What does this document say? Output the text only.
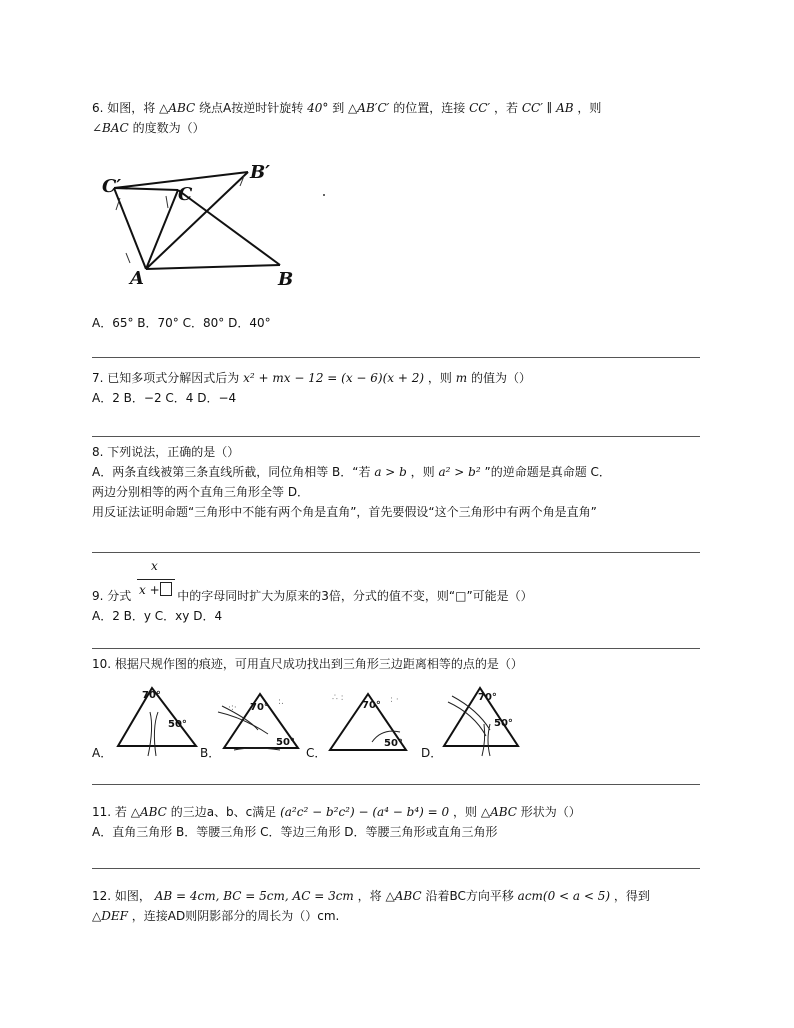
6. 如图，将 △ABC 绕点A按逆时针旋转 40° 到 △AB′C′ 的位置，连接 CC′ ，若 CC′ ∥ AB ，则
∠BAC 的度数为（）
C′	C
B′
A	B
A．65° B．70° C．80° D．40°
7. 已知多项式分解因式后为 x² + mx − 12 = (x − 6)(x + 2) ，则 m 的值为（）
A．2 B．−2 C．4 D．−4
8. 下列说法，正确的是（）
A．两条直线被第三条直线所截，同位角相等 B．“若 a > b ，则 a² > b² ”的逆命题是真命题 C．
两边分别相等的两个直角三角形全等 D．
用反证法证明命题“三角形中不能有两个角是直角”，首先要假设“这个三角形中有两个角是直角”
x
x +
9. 分式	中的字母同时扩大为原来的3倍，分式的值不变，则“□”可能是（）
A．2 B．y C．xy D．4
10. 根据尺规作图的痕迹，可用直尺成功找出到三角形三边距离相等的点的是（）
A．
70°
50°
B．
·:·
:.
70°
50°
C．
∴ :	: ·
70°
50°
D．
70°
50°
11. 若 △ABC 的三边a、b、c满足 (a²c² − b²c²) − (a⁴ − b⁴) = 0 ，则 △ABC 形状为（）
A．直角三角形 B．等腰三角形 C．等边三角形 D．等腰三角形或直角三角形
12. 如图， AB = 4cm, BC = 5cm, AC = 3cm ，将 △ABC 沿着BC方向平移 acm(0 < a < 5) ，得到
△DEF ，连接AD则阴影部分的周长为（）cm.
